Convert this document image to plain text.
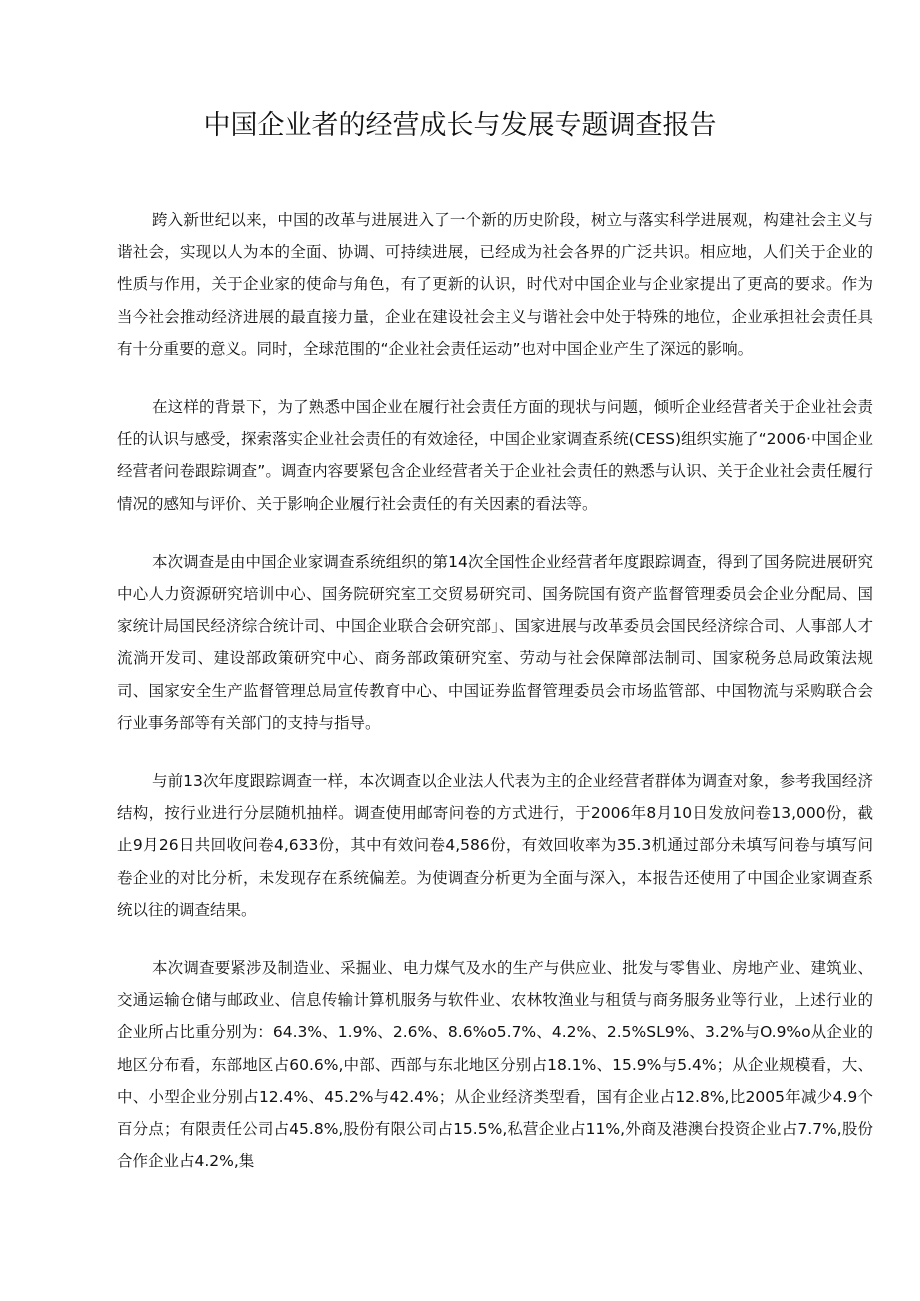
中国企业者的经营成长与发展专题调查报告

跨入新世纪以来，中国的改革与进展进入了一个新的历史阶段，树立与落实科学进展观，构建社会主义与谐社会，实现以人为本的全面、协调、可持续进展，已经成为社会各界的广泛共识。相应地，人们关于企业的性质与作用，关于企业家的使命与角色，有了更新的认识，时代对中国企业与企业家提出了更高的要求。作为当今社会推动经济进展的最直接力量，企业在建设社会主义与谐社会中处于特殊的地位，企业承担社会责任具有十分重要的意义。同时，全球范围的“企业社会责任运动”也对中国企业产生了深远的影响。

在这样的背景下，为了熟悉中国企业在履行社会责任方面的现状与问题，倾听企业经营者关于企业社会责任的认识与感受，探索落实企业社会责任的有效途径，中国企业家调查系统(CESS)组织实施了“2006·中国企业经营者问卷跟踪调查”。调查内容要紧包含企业经营者关于企业社会责任的熟悉与认识、关于企业社会责任履行情况的感知与评价、关于影响企业履行社会责任的有关因素的看法等。

本次调查是由中国企业家调查系统组织的第14次全国性企业经营者年度跟踪调查，得到了国务院进展研究中心人力资源研究培训中心、国务院研究室工交贸易研究司、国务院国有资产监督管理委员会企业分配局、国家统计局国民经济综合统计司、中国企业联合会研究部」、国家进展与改革委员会国民经济综合司、人事部人才流淌开发司、建设部政策研究中心、商务部政策研究室、劳动与社会保障部法制司、国家税务总局政策法规司、国家安全生产监督管理总局宣传教育中心、中国证券监督管理委员会市场监管部、中国物流与采购联合会行业事务部等有关部门的支持与指导。

与前13次年度跟踪调查一样，本次调查以企业法人代表为主的企业经营者群体为调查对象，参考我国经济结构，按行业进行分层随机抽样。调查使用邮寄问卷的方式进行，于2006年8月10日发放问卷13,000份，截止9月26日共回收问卷4,633份，其中有效问卷4,586份，有效回收率为35.3机通过部分未填写问卷与填写问卷企业的对比分析，未发现存在系统偏差。为使调查分析更为全面与深入，本报告还使用了中国企业家调查系统以往的调查结果。

本次调查要紧涉及制造业、采掘业、电力煤气及水的生产与供应业、批发与零售业、房地产业、建筑业、交通运输仓储与邮政业、信息传输计算机服务与软件业、农林牧渔业与租赁与商务服务业等行业，上述行业的企业所占比重分别为：64.3%、1.9%、2.6%、8.6%o5.7%、4.2%、2.5%SL9%、3.2%与O.9%o从企业的地区分布看，东部地区占60.6%,中部、西部与东北地区分别占18.1%、15.9%与5.4%；从企业规模看，大、中、小型企业分别占12.4%、45.2%与42.4%；从企业经济类型看，国有企业占12.8%,比2005年减少4.9个百分点；有限责任公司占45.8%,股份有限公司占15.5%,私营企业占11%,外商及港澳台投资企业占7.7%,股份合作企业占4.2%,集
